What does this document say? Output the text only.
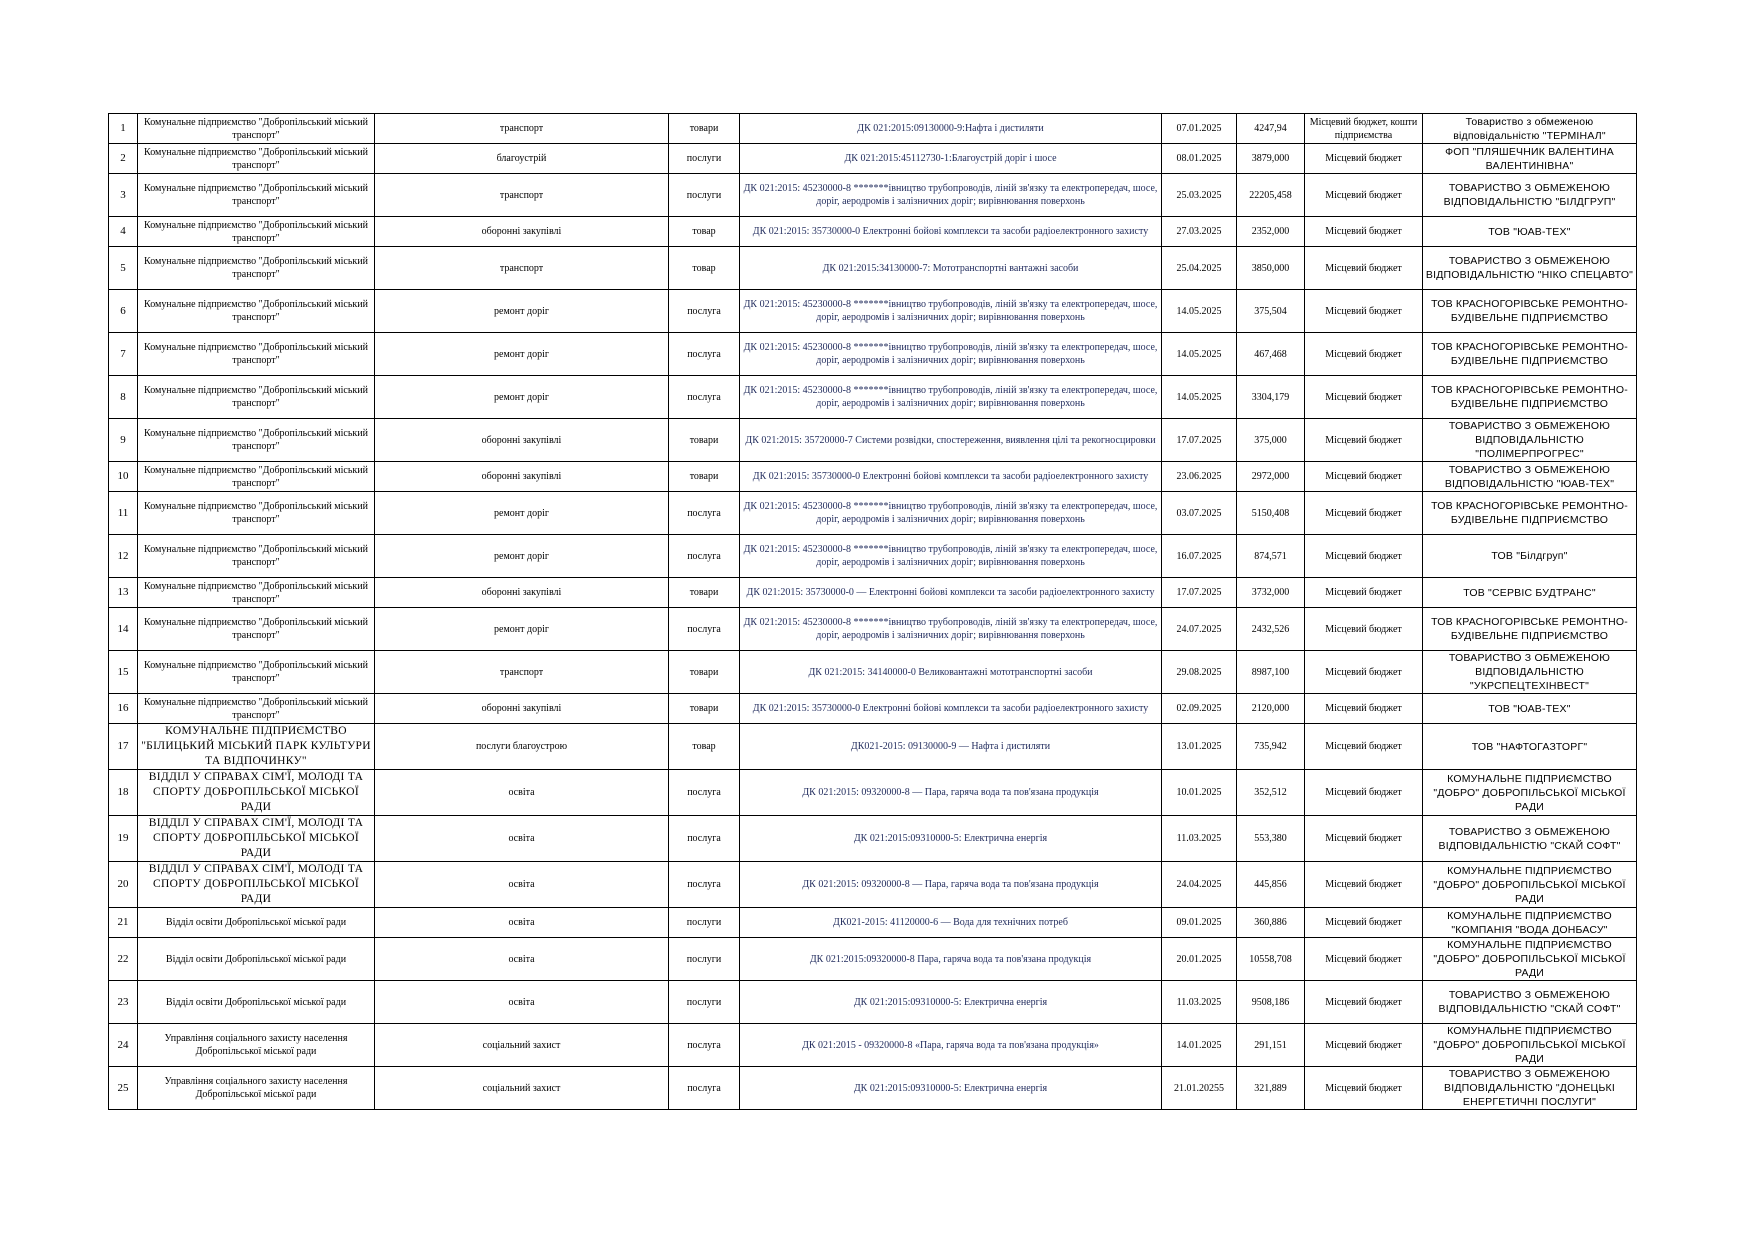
1	Комунальне підприємство "Добропільський міський транспорт"	транспорт	товари	ДК 021:2015:09130000-9:Нафта і дистиляти	07.01.2025	4247,94	Місцевий бюджет, кошти підприємства	Товариство з обмеженою відповідальністю "ТЕРМІНАЛ"
2	Комунальне підприємство "Добропільський міський транспорт"	благоустрій	послуги	ДК 021:2015:45112730-1:Благоустрій доріг і шосе	08.01.2025	3879,000	Місцевий бюджет	ФОП "ПЛЯШЕЧНИК ВАЛЕНТИНА ВАЛЕНТИНІВНА"
3	Комунальне підприємство "Добропільський міський транспорт"	транспорт	послуги	ДК 021:2015: 45230000-8 *******івництво трубопроводів, ліній зв'язку та електропередач, шосе, доріг, аеродромів і залізничних доріг; вирівнювання поверхонь	25.03.2025	22205,458	Місцевий бюджет	ТОВАРИСТВО З ОБМЕЖЕНОЮ ВІДПОВІДАЛЬНІСТЮ "БІЛДГРУП"
4	Комунальне підприємство "Добропільський міський транспорт"	оборонні закупівлі	товар	ДК 021:2015: 35730000-0 Електронні бойові комплекси та засоби радіоелектронного захисту	27.03.2025	2352,000	Місцевий бюджет	ТОВ "ЮАВ-ТЕХ"
5	Комунальне підприємство "Добропільський міський транспорт"	транспорт	товар	ДК 021:2015:34130000-7: Мототранспортні вантажні засоби	25.04.2025	3850,000	Місцевий бюджет	ТОВАРИСТВО З ОБМЕЖЕНОЮ ВІДПОВІДАЛЬНІСТЮ "НІКО СПЕЦАВТО"
6	Комунальне підприємство "Добропільський міський транспорт"	ремонт доріг	послуга	ДК 021:2015: 45230000-8 *******івництво трубопроводів, ліній зв'язку та електропередач, шосе, доріг, аеродромів і залізничних доріг; вирівнювання поверхонь	14.05.2025	375,504	Місцевий бюджет	ТОВ КРАСНОГОРІВСЬКЕ РЕМОНТНО-БУДІВЕЛЬНЕ ПІДПРИЄМСТВО
7	Комунальне підприємство "Добропільський міський транспорт"	ремонт доріг	послуга	ДК 021:2015: 45230000-8 *******івництво трубопроводів, ліній зв'язку та електропередач, шосе, доріг, аеродромів і залізничних доріг; вирівнювання поверхонь	14.05.2025	467,468	Місцевий бюджет	ТОВ КРАСНОГОРІВСЬКЕ РЕМОНТНО-БУДІВЕЛЬНЕ ПІДПРИЄМСТВО
8	Комунальне підприємство "Добропільський міський транспорт"	ремонт доріг	послуга	ДК 021:2015: 45230000-8 *******івництво трубопроводів, ліній зв'язку та електропередач, шосе, доріг, аеродромів і залізничних доріг; вирівнювання поверхонь	14.05.2025	3304,179	Місцевий бюджет	ТОВ КРАСНОГОРІВСЬКЕ РЕМОНТНО-БУДІВЕЛЬНЕ ПІДПРИЄМСТВО
9	Комунальне підприємство "Добропільський міський транспорт"	оборонні закупівлі	товари	ДК 021:2015: 35720000-7 Системи розвідки, спостереження, виявлення цілі та рекогносцировки	17.07.2025	375,000	Місцевий бюджет	ТОВАРИСТВО З ОБМЕЖЕНОЮ ВІДПОВІДАЛЬНІСТЮ "ПОЛІМЕРПРОГРЕС"
10	Комунальне підприємство "Добропільський міський транспорт"	оборонні закупівлі	товари	ДК 021:2015: 35730000-0 Електронні бойові комплекси та засоби радіоелектронного захисту	23.06.2025	2972,000	Місцевий бюджет	ТОВАРИСТВО З ОБМЕЖЕНОЮ ВІДПОВІДАЛЬНІСТЮ "ЮАВ-ТЕХ"
11	Комунальне підприємство "Добропільський міський транспорт"	ремонт доріг	послуга	ДК 021:2015: 45230000-8 *******івництво трубопроводів, ліній зв'язку та електропередач, шосе, доріг, аеродромів і залізничних доріг; вирівнювання поверхонь	03.07.2025	5150,408	Місцевий бюджет	ТОВ КРАСНОГОРІВСЬКЕ РЕМОНТНО-БУДІВЕЛЬНЕ ПІДПРИЄМСТВО
12	Комунальне підприємство "Добропільський міський транспорт"	ремонт доріг	послуга	ДК 021:2015: 45230000-8 *******івництво трубопроводів, ліній зв'язку та електропередач, шосе, доріг, аеродромів і залізничних доріг; вирівнювання поверхонь	16.07.2025	874,571	Місцевий бюджет	ТОВ "Білдгруп"
13	Комунальне підприємство "Добропільський міський транспорт"	оборонні закупівлі	товари	ДК 021:2015: 35730000-0 — Електронні бойові комплекси та засоби радіоелектронного захисту	17.07.2025	3732,000	Місцевий бюджет	ТОВ "СЕРВІС БУДТРАНС"
14	Комунальне підприємство "Добропільський міський транспорт"	ремонт доріг	послуга	ДК 021:2015: 45230000-8 *******івництво трубопроводів, ліній зв'язку та електропередач, шосе, доріг, аеродромів і залізничних доріг; вирівнювання поверхонь	24.07.2025	2432,526	Місцевий бюджет	ТОВ КРАСНОГОРІВСЬКЕ РЕМОНТНО-БУДІВЕЛЬНЕ ПІДПРИЄМСТВО
15	Комунальне підприємство "Добропільський міський транспорт"	транспорт	товари	ДК 021:2015: 34140000-0 Великовантажні мототранспортні засоби	29.08.2025	8987,100	Місцевий бюджет	ТОВАРИСТВО З ОБМЕЖЕНОЮ ВІДПОВІДАЛЬНІСТЮ "УКРСПЕЦТЕХІНВЕСТ"
16	Комунальне підприємство "Добропільський міський транспорт"	оборонні закупівлі	товари	ДК 021:2015: 35730000-0 Електронні бойові комплекси та засоби радіоелектронного захисту	02.09.2025	2120,000	Місцевий бюджет	ТОВ "ЮАВ-ТЕХ"
17	КОМУНАЛЬНЕ ПІДПРИЄМСТВО "БІЛИЦЬКИЙ МІСЬКИЙ ПАРК КУЛЬТУРИ ТА ВІДПОЧИНКУ"	послуги благоустрою	товар	ДК021-2015: 09130000-9 — Нафта і дистиляти	13.01.2025	735,942	Місцевий бюджет	ТОВ "НАФТОГАЗТОРГ"
18	ВІДДІЛ У СПРАВАХ СІМ'Ї, МОЛОДІ ТА СПОРТУ ДОБРОПІЛЬСЬКОЇ МІСЬКОЇ РАДИ	освіта	послуга	ДК 021:2015: 09320000-8 — Пара, гаряча вода та пов'язана продукція	10.01.2025	352,512	Місцевий бюджет	КОМУНАЛЬНЕ ПІДПРИЄМСТВО "ДОБРО" ДОБРОПІЛЬСЬКОЇ МІСЬКОЇ РАДИ
19	ВІДДІЛ У СПРАВАХ СІМ'Ї, МОЛОДІ ТА СПОРТУ ДОБРОПІЛЬСЬКОЇ МІСЬКОЇ РАДИ	освіта	послуга	ДК 021:2015:09310000-5: Електрична енергія	11.03.2025	553,380	Місцевий бюджет	ТОВАРИСТВО З ОБМЕЖЕНОЮ ВІДПОВІДАЛЬНІСТЮ "СКАЙ СОФТ"
20	ВІДДІЛ У СПРАВАХ СІМ'Ї, МОЛОДІ ТА СПОРТУ ДОБРОПІЛЬСЬКОЇ МІСЬКОЇ РАДИ	освіта	послуга	ДК 021:2015: 09320000-8 — Пара, гаряча вода та пов'язана продукція	24.04.2025	445,856	Місцевий бюджет	КОМУНАЛЬНЕ ПІДПРИЄМСТВО "ДОБРО" ДОБРОПІЛЬСЬКОЇ МІСЬКОЇ РАДИ
21	Відділ освіти Добропільської міської ради	освіта	послуги	ДК021-2015: 41120000-6 — Вода для технічних потреб	09.01.2025	360,886	Місцевий бюджет	КОМУНАЛЬНЕ ПІДПРИЄМСТВО "КОМПАНІЯ "ВОДА ДОНБАСУ"
22	Відділ освіти Добропільської міської ради	освіта	послуги	ДК 021:2015:09320000-8 Пара, гаряча вода та пов'язана продукція	20.01.2025	10558,708	Місцевий бюджет	КОМУНАЛЬНЕ ПІДПРИЄМСТВО "ДОБРО" ДОБРОПІЛЬСЬКОЇ МІСЬКОЇ РАДИ
23	Відділ освіти Добропільської міської ради	освіта	послуги	ДК 021:2015:09310000-5: Електрична енергія	11.03.2025	9508,186	Місцевий бюджет	ТОВАРИСТВО З ОБМЕЖЕНОЮ ВІДПОВІДАЛЬНІСТЮ "СКАЙ СОФТ"
24	Управління соціального захисту населення Добропільської міської ради	соціальний захист	послуга	ДК 021:2015 - 09320000-8 «Пара, гаряча вода та пов'язана продукція»	14.01.2025	291,151	Місцевий бюджет	КОМУНАЛЬНЕ ПІДПРИЄМСТВО "ДОБРО" ДОБРОПІЛЬСЬКОЇ МІСЬКОЇ РАДИ
25	Управління соціального захисту населення Добропільської міської ради	соціальний захист	послуга	ДК 021:2015:09310000-5: Електрична енергія	21.01.20255	321,889	Місцевий бюджет	ТОВАРИСТВО З ОБМЕЖЕНОЮ ВІДПОВІДАЛЬНІСТЮ "ДОНЕЦЬКІ ЕНЕРГЕТИЧНІ ПОСЛУГИ"
